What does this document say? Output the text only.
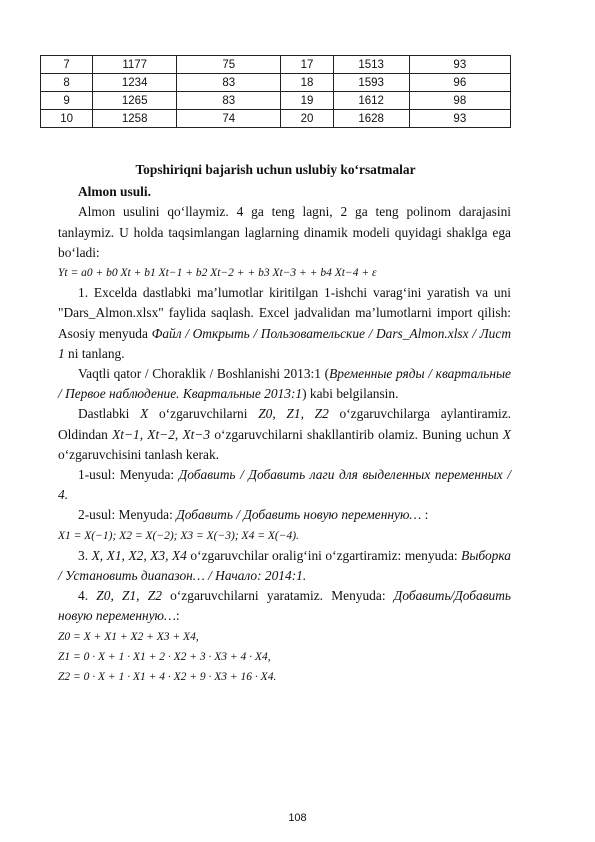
7	1177	75	17	1513	93
8	1234	83	18	1593	96
9	1265	83	19	1612	98
10	1258	74	20	1628	93
Topshiriqni bajarish uchun uslubiy ko‘rsatmalar
Almon usuli.

Almon usulini qo‘llaymiz. 4 ga teng lagni, 2 ga teng polinom darajasini tanlaymiz. U holda taqsimlangan laglarning dinamik modeli quyidagi shaklga ega bo‘ladi:

Yt = a0 + b0 Xt + b1 Xt−1 + b2 Xt−2 + + b3 Xt−3 + + b4 Xt−4 + ε

1. Excelda dastlabki ma’lumotlar kiritilgan 1-ishchi varag‘ini yaratish va uni "Dars_Almon.xlsx" faylida saqlash. Excel jadvalidan ma’lumotlarni import qilish: Asosiy menyuda Файл / Открыть / Пользовательские / Dars_Almon.xlsx / Лист 1 ni tanlang.

Vaqtli qator / Choraklik / Boshlanishi 2013:1 (Временные ряды / квартальные / Первое наблюдение. Квартальные 2013:1) kabi belgilansin.

Dastlabki X o‘zgaruvchilarni Z0, Z1, Z2 o‘zgaruvchilarga aylantiramiz. Oldindan Xt−1, Xt−2, Xt−3 o‘zgaruvchilarni shakllantirib olamiz. Buning uchun X o‘zgaruvchisini tanlash kerak.

1-usul: Menyuda: Добавить / Добавить лаги для выделенных переменных / 4.

2-usul: Menyuda: Добавить / Добавить новую переменную… :

X1 = X(−1); X2 = X(−2); X3 = X(−3); X4 = X(−4).

3. X, X1, X2, X3, X4 o‘zgaruvchilar oralig‘ini o‘zgartiramiz: menyuda: Выборка / Установить диапазон… / Начало: 2014:1.

4. Z0, Z1, Z2 o‘zgaruvchilarni yaratamiz. Menyuda: Добавить/Добавить новую переменную…:

Z0 = X + X1 + X2 + X3 + X4,

Z1 = 0 · X + 1 · X1 + 2 · X2 + 3 · X3 + 4 · X4,

Z2 = 0 · X + 1 · X1 + 4 · X2 + 9 · X3 + 16 · X4.

108
